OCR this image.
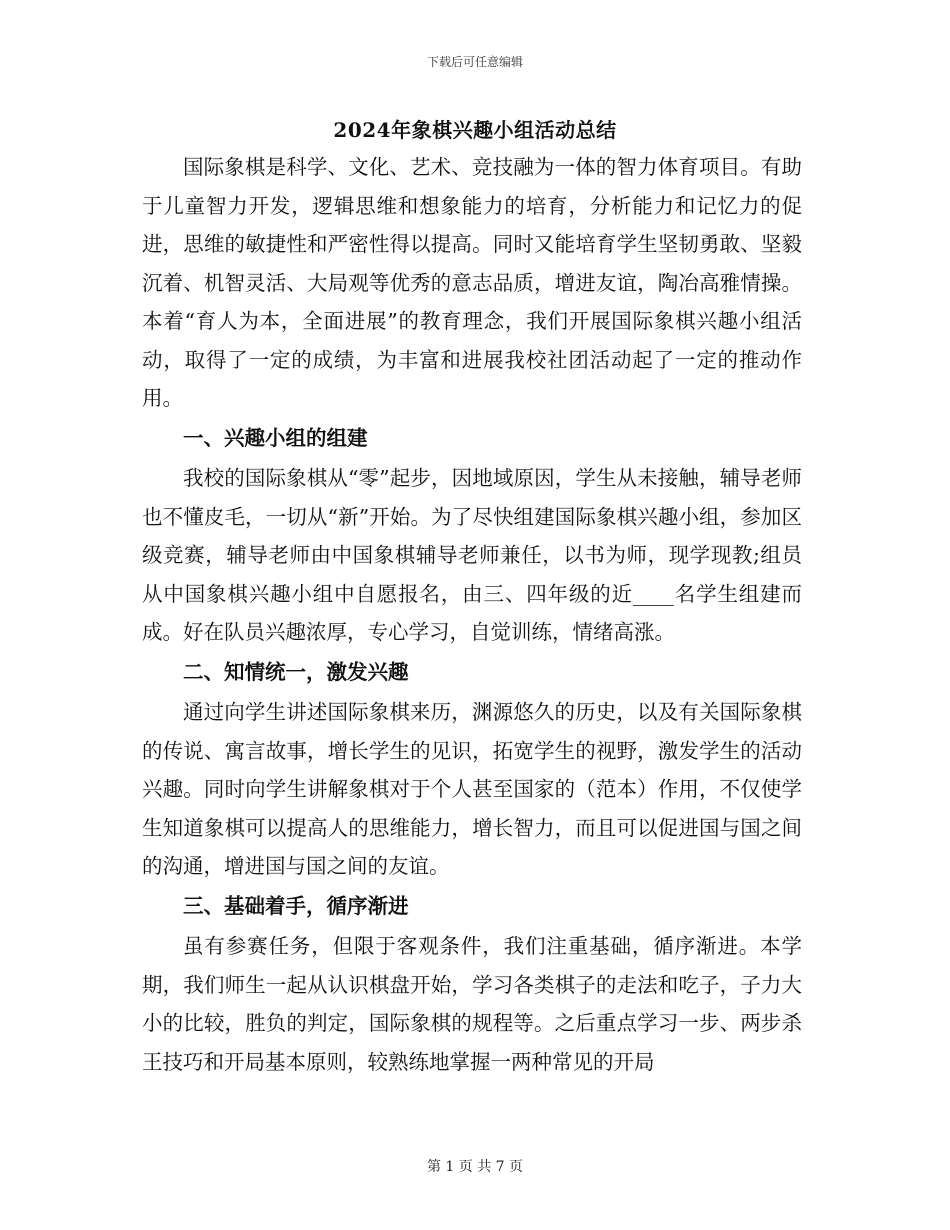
下载后可任意编辑
2024年象棋兴趣小组活动总结

国际象棋是科学、文化、艺术、竞技融为一体的智力体育项目。有助于儿童智力开发，逻辑思维和想象能力的培育，分析能力和记忆力的促进，思维的敏捷性和严密性得以提高。同时又能培育学生坚韧勇敢、坚毅沉着、机智灵活、大局观等优秀的意志品质，增进友谊，陶冶高雅情操。本着“育人为本，全面进展”的教育理念，我们开展国际象棋兴趣小组活动，取得了一定的成绩，为丰富和进展我校社团活动起了一定的推动作用。

一、兴趣小组的组建

我校的国际象棋从“零”起步，因地域原因，学生从未接触，辅导老师也不懂皮毛，一切从“新”开始。为了尽快组建国际象棋兴趣小组，参加区级竞赛，辅导老师由中国象棋辅导老师兼任，以书为师，现学现教;组员从中国象棋兴趣小组中自愿报名，由三、四年级的近____名学生组建而成。好在队员兴趣浓厚，专心学习，自觉训练，情绪高涨。

二、知情统一，激发兴趣

通过向学生讲述国际象棋来历，渊源悠久的历史，以及有关国际象棋的传说、寓言故事，增长学生的见识，拓宽学生的视野，激发学生的活动兴趣。同时向学生讲解象棋对于个人甚至国家的（范本）作用，不仅使学生知道象棋可以提高人的思维能力，增长智力，而且可以促进国与国之间的沟通，增进国与国之间的友谊。

三、基础着手，循序渐进

虽有参赛任务，但限于客观条件，我们注重基础，循序渐进。本学期，我们师生一起从认识棋盘开始，学习各类棋子的走法和吃子，子力大小的比较，胜负的判定，国际象棋的规程等。之后重点学习一步、两步杀王技巧和开局基本原则，较熟练地掌握一两种常见的开局

第 1 页 共 7 页
